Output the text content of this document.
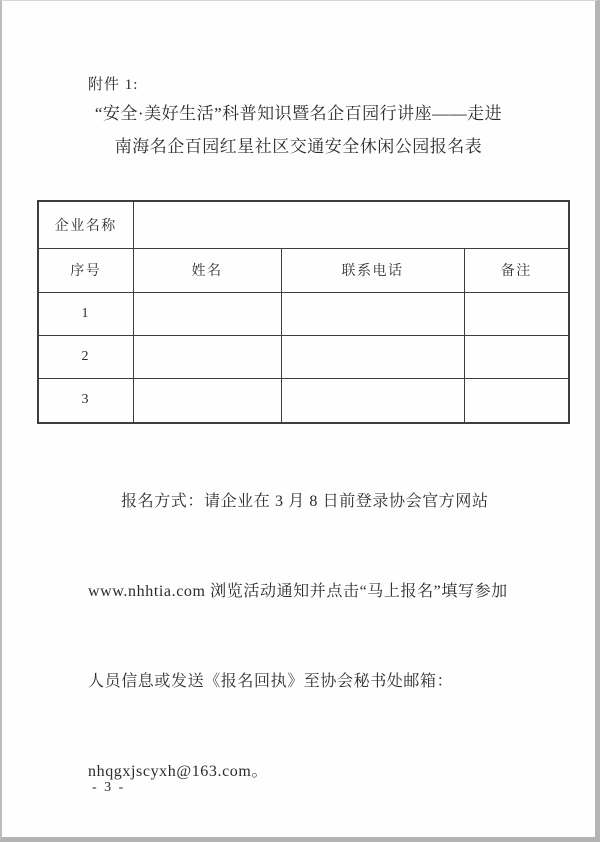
附件 1:
“安全·美好生活”科普知识暨名企百园行讲座——走进
南海名企百园红星社区交通安全休闲公园报名表
企业名称			
序号	姓名	联系电话	备注
1			
2			
3			

报名方式：请企业在 3 月 8 日前登录协会官方网站

www.nhhtia.com 浏览活动通知并点击“马上报名”填写参加

人员信息或发送《报名回执》至协会秘书处邮箱：

nhqgxjscyxh@163.com。

- 3 -
